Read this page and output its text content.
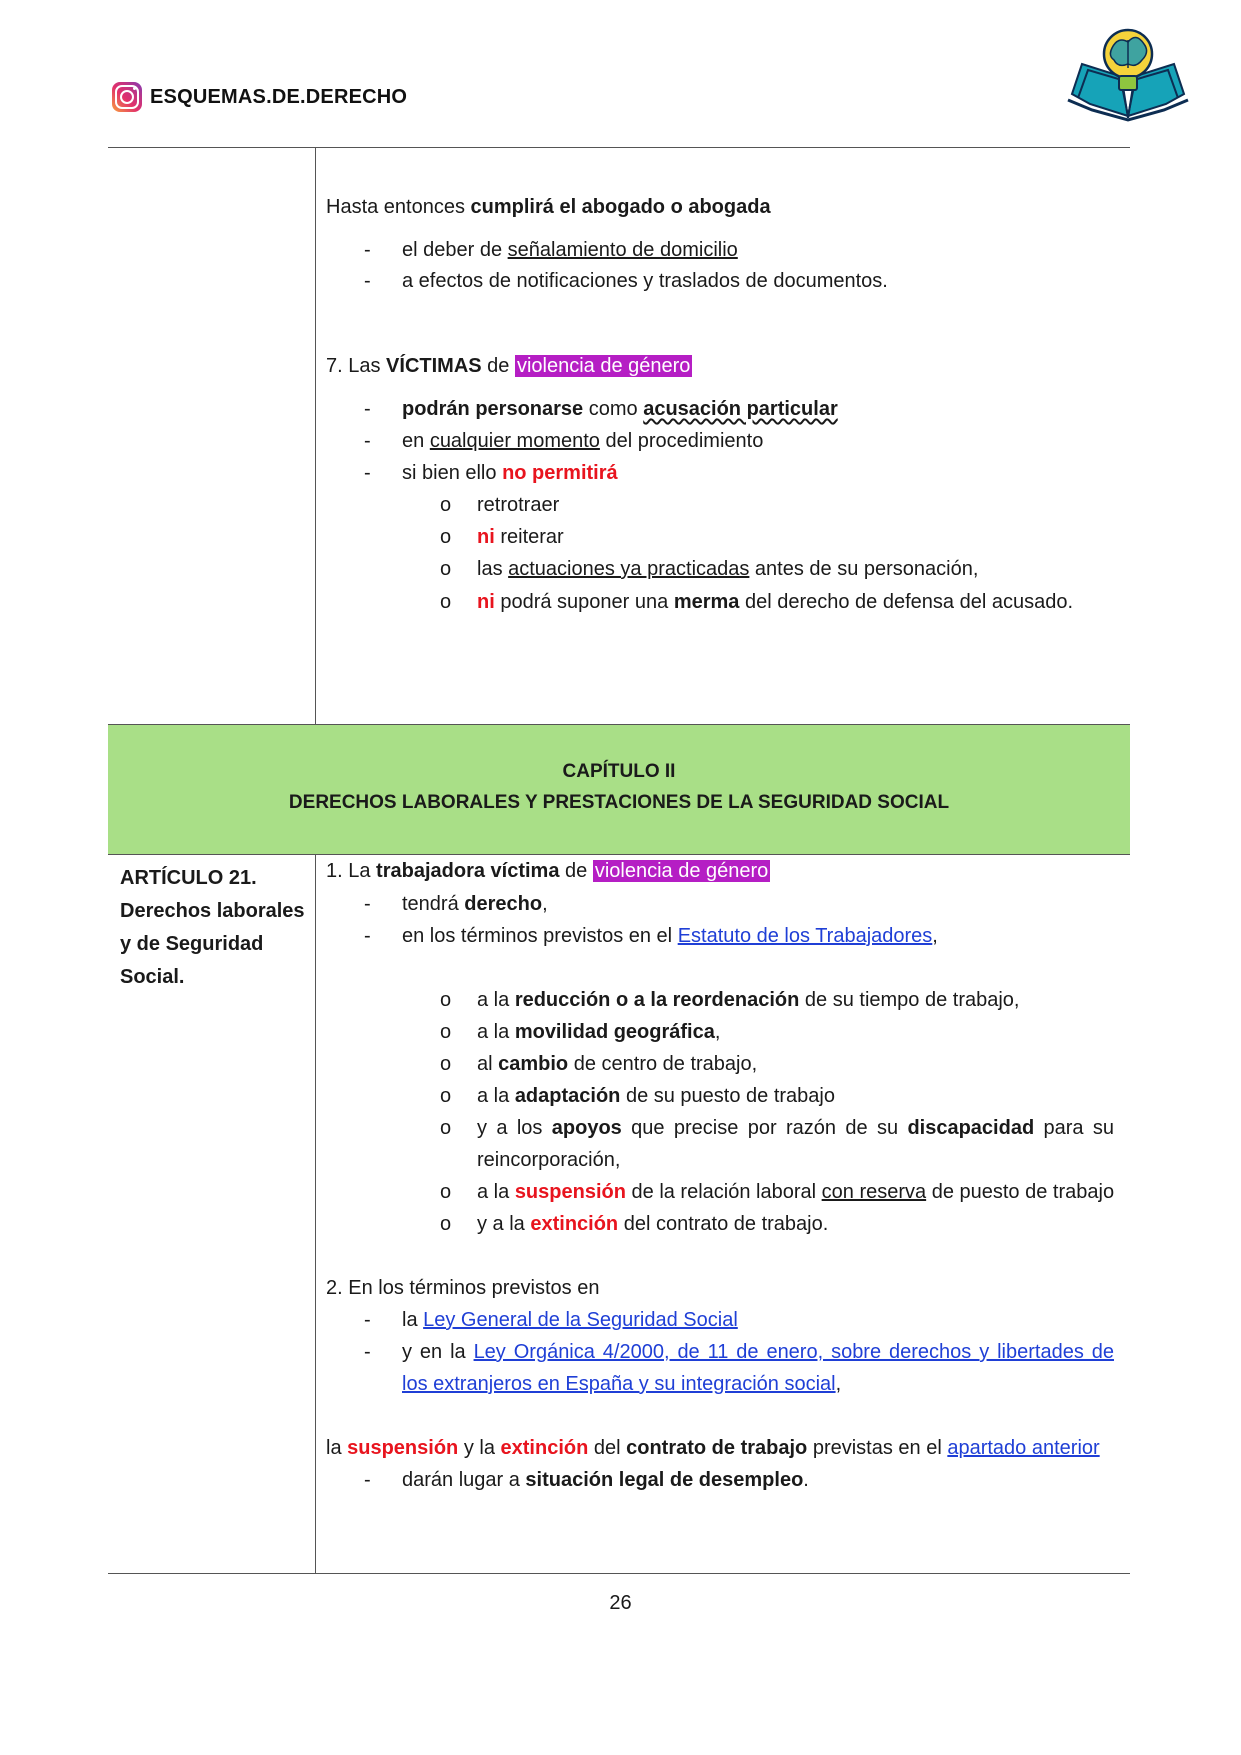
ESQUEMAS.DE.DERECHO
Hasta entonces cumplirá el abogado o abogada
-	el deber de señalamiento de domicilio
-	a efectos de notificaciones y traslados de documentos.
7. Las VÍCTIMAS de violencia de género
-	podrán personarse como acusación particular
-	en cualquier momento del procedimiento
-	si bien ello no permitirá
o retrotraer
o ni reiterar
o las actuaciones ya practicadas antes de su personación,
o ni podrá suponer una merma del derecho de defensa del acusado.
CAPÍTULO II
DERECHOS LABORALES Y PRESTACIONES DE LA SEGURIDAD SOCIAL
ARTÍCULO 21.
Derechos laborales
y de Seguridad
Social.
1. La trabajadora víctima de violencia de género
-	tendrá derecho,
-	en los términos previstos en el Estatuto de los Trabajadores,
o a la reducción o a la reordenación de su tiempo de trabajo,
o a la movilidad geográfica,
o al cambio de centro de trabajo,
o a la adaptación de su puesto de trabajo
o y a los apoyos que precise por razón de su discapacidad para su
reincorporación,
o a la suspensión de la relación laboral con reserva de puesto de trabajo
o y a la extinción del contrato de trabajo.
2. En los términos previstos en
-	la Ley General de la Seguridad Social
-	y en la Ley Orgánica 4/2000, de 11 de enero, sobre derechos y libertades de
los extranjeros en España y su integración social,
la suspensión y la extinción del contrato de trabajo previstas en el apartado anterior
-	darán lugar a situación legal de desempleo.
26
